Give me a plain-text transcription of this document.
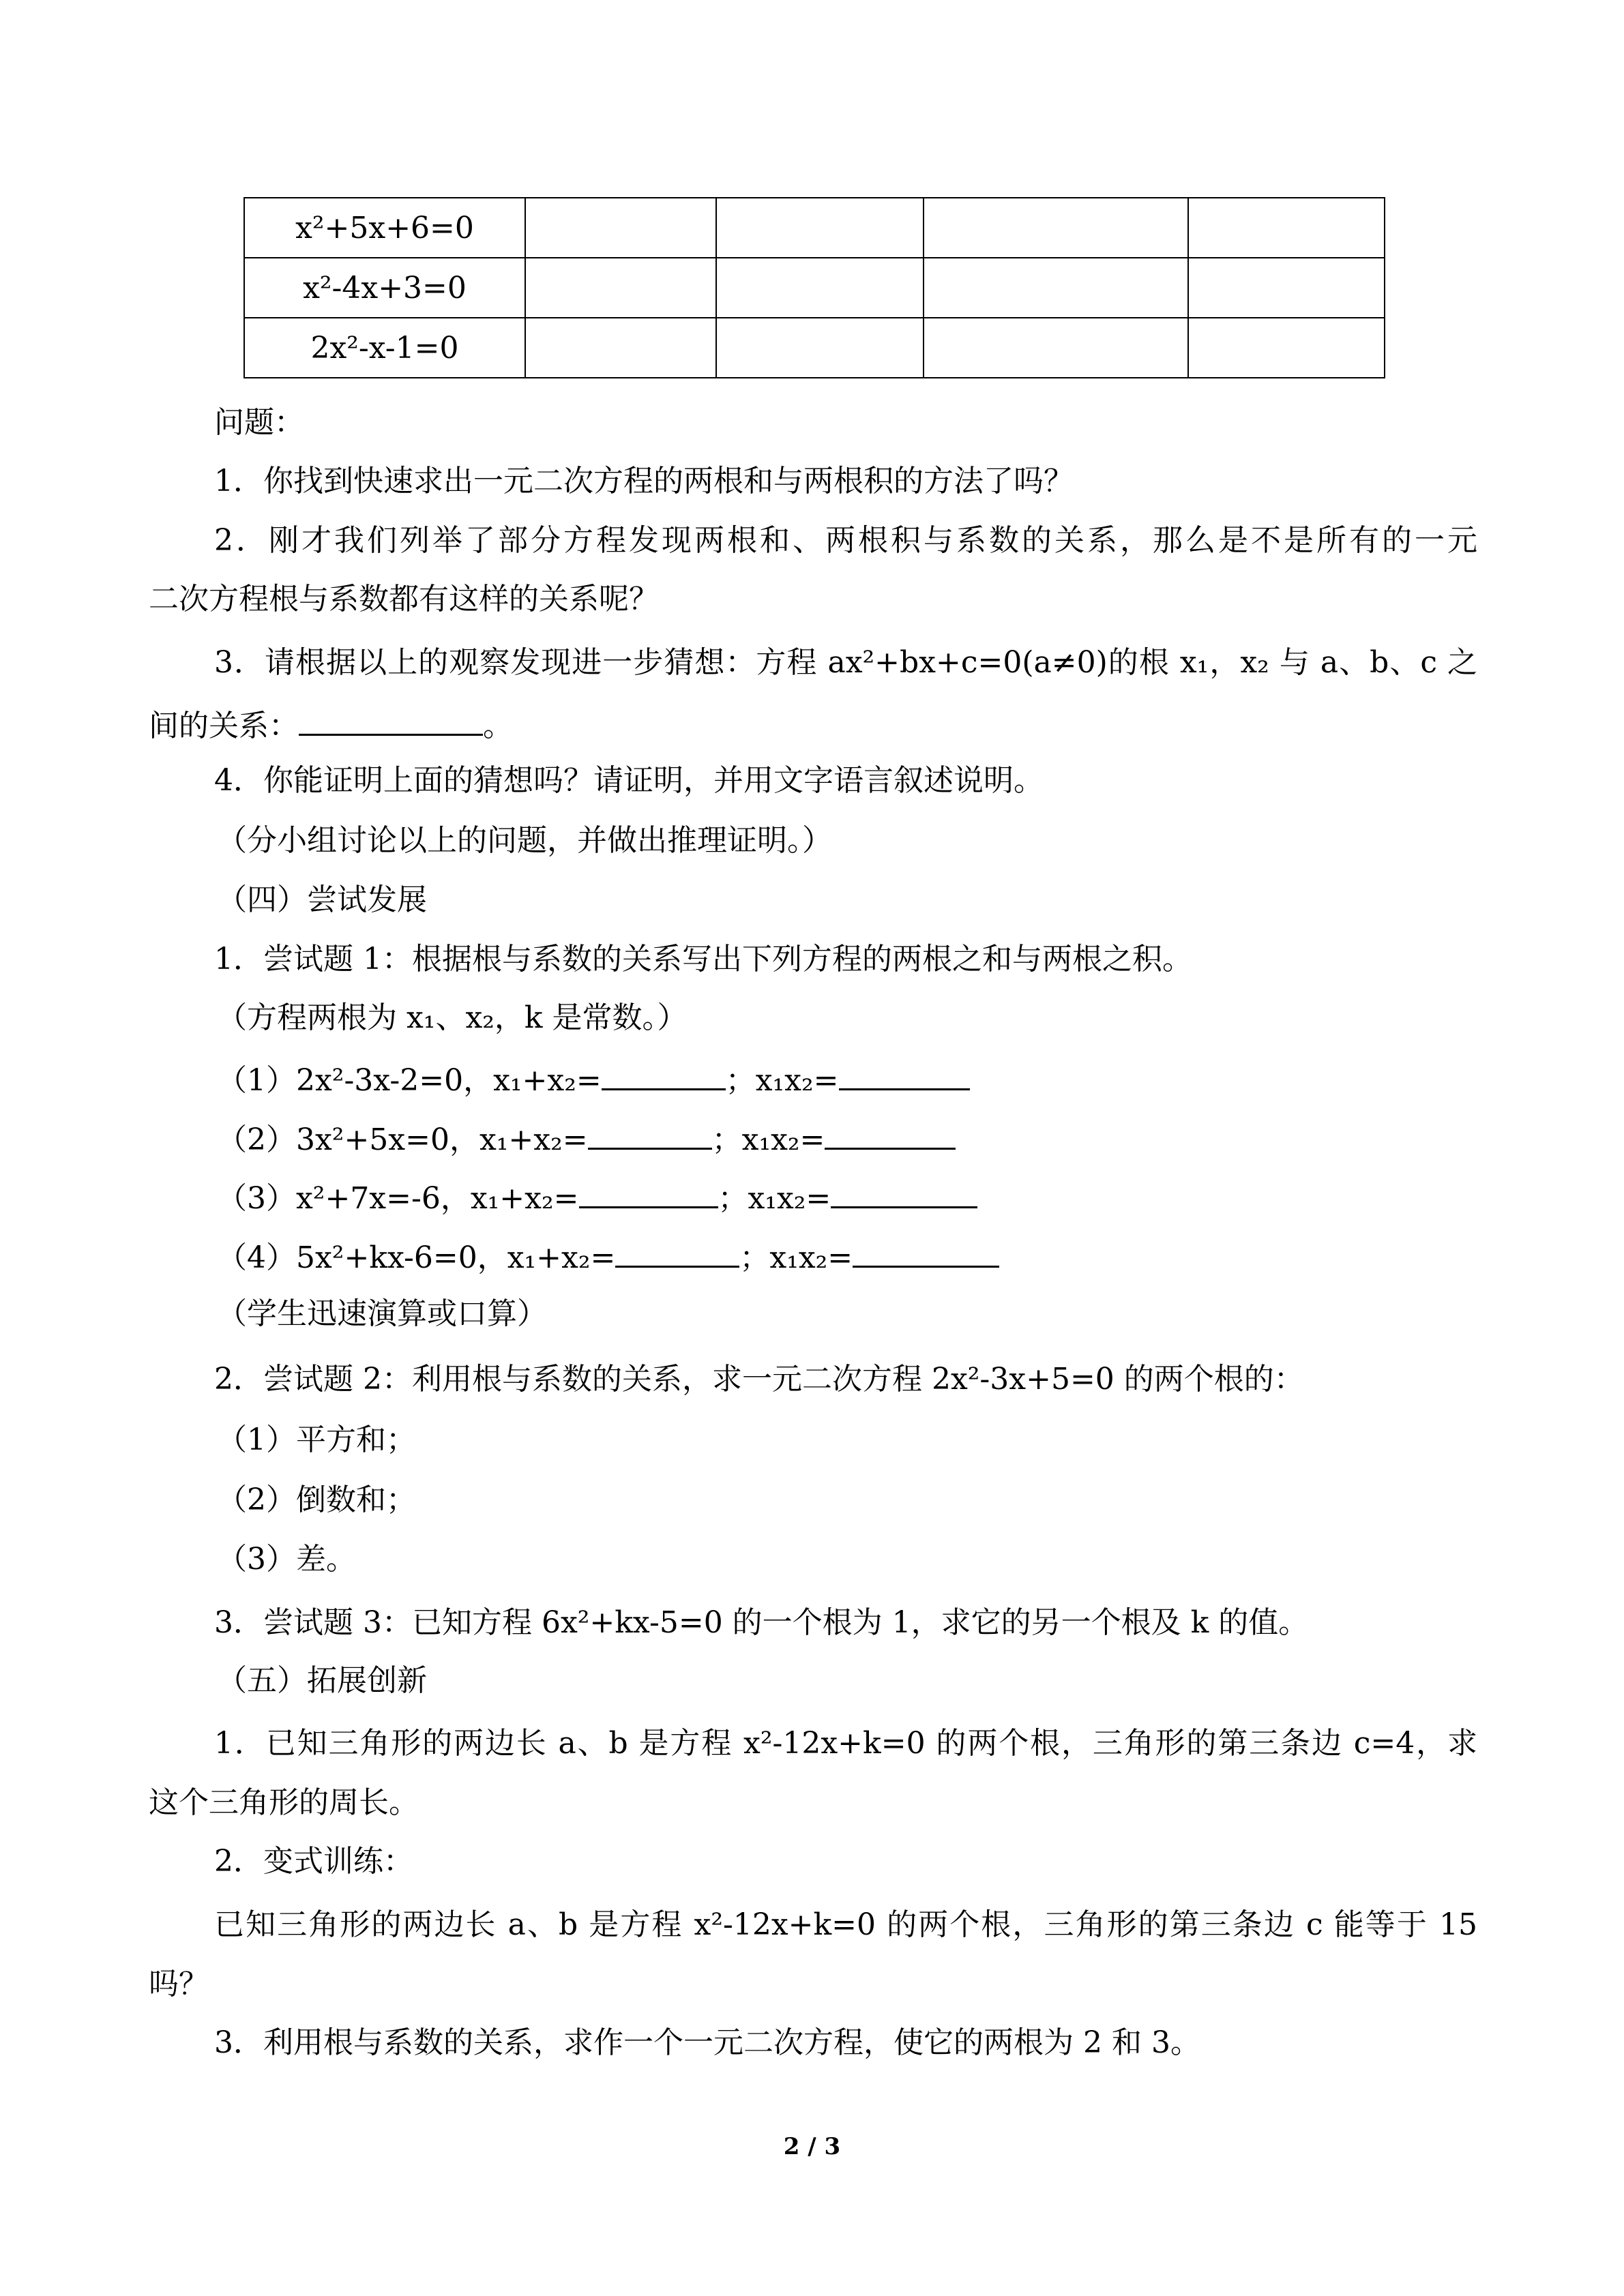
x²+5x+6=0				
x²-4x+3=0				
2x²-x-1=0				
问题：
1．你找到快速求出一元二次方程的两根和与两根积的方法了吗？
2．刚才我们列举了部分方程发现两根和、两根积与系数的关系，那么是不是所有的一元
二次方程根与系数都有这样的关系呢？
3．请根据以上的观察发现进一步猜想：方程 ax²+bx+c=0(a≠0)的根 x₁，x₂ 与 a、b、c 之
间的关系：	。
4．你能证明上面的猜想吗？请证明，并用文字语言叙述说明。
（分小组讨论以上的问题，并做出推理证明。）
（四）尝试发展
1．尝试题 1：根据根与系数的关系写出下列方程的两根之和与两根之积。
（方程两根为 x₁、x₂，k 是常数。）
（1）2x²-3x-2=0，x₁+x₂=	；x₁x₂=
（2）3x²+5x=0，x₁+x₂=	；x₁x₂=
（3）x²+7x=-6，x₁+x₂=	；x₁x₂=
（4）5x²+kx-6=0，x₁+x₂=	；x₁x₂=
（学生迅速演算或口算）
2．尝试题 2：利用根与系数的关系，求一元二次方程 2x²-3x+5=0 的两个根的：
（1）平方和；
（2）倒数和；
（3）差。
3．尝试题 3：已知方程 6x²+kx-5=0 的一个根为 1，求它的另一个根及 k 的值。
（五）拓展创新
1．已知三角形的两边长 a、b 是方程 x²-12x+k=0 的两个根，三角形的第三条边 c=4，求
这个三角形的周长。
2．变式训练：
已知三角形的两边长 a、b 是方程 x²-12x+k=0 的两个根，三角形的第三条边 c 能等于 15
吗？
3．利用根与系数的关系，求作一个一元二次方程，使它的两根为 2 和 3。
2 / 3
